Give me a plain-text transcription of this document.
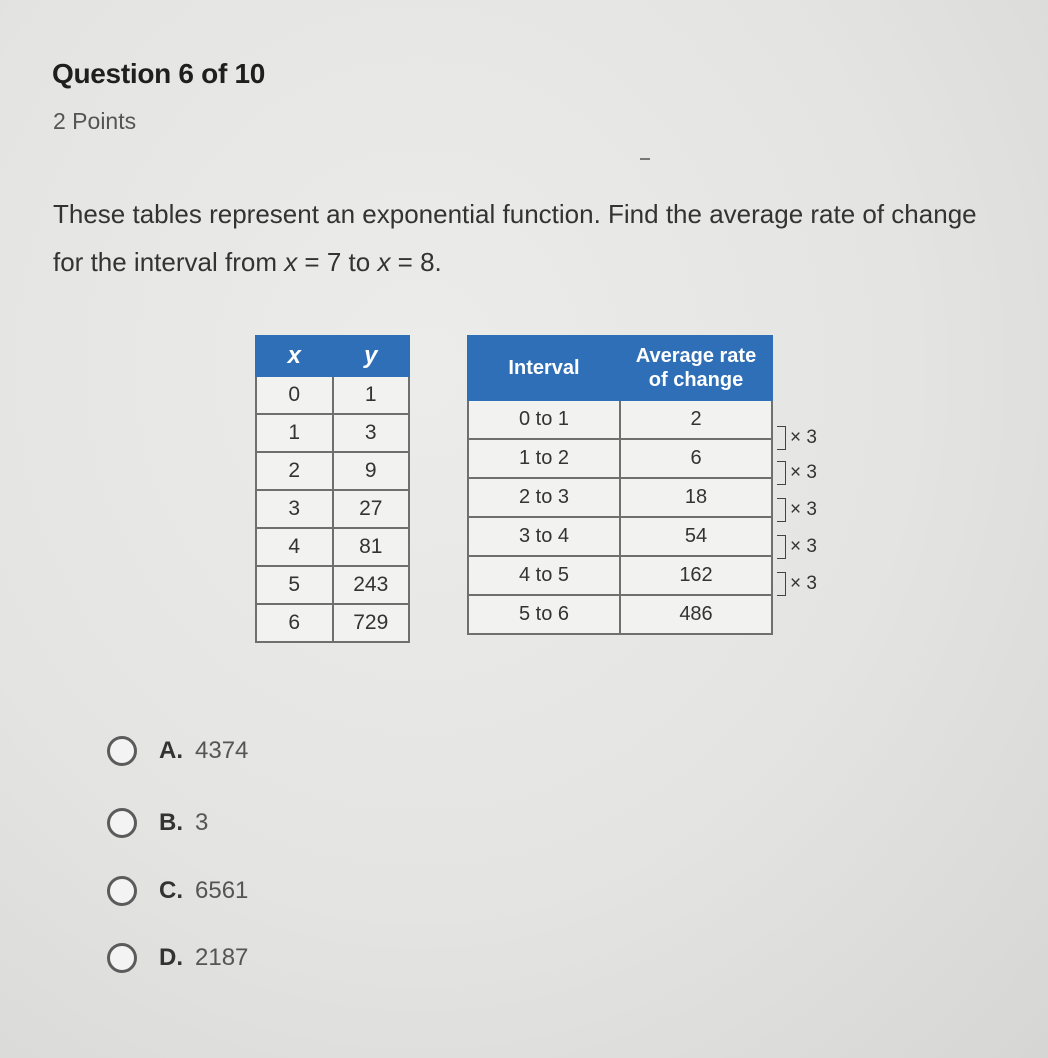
Question 6 of 10
2 Points
These tables represent an exponential function. Find the average rate of change for the interval from x = 7 to x = 8.
x	y
0	1
1	3
2	9
3	27
4	81
5	243
6	729
Interval	Average rate
of change
0 to 1	2
1 to 2	6
2 to 3	18
3 to 4	54
4 to 5	162
5 to 6	486
× 3
× 3
× 3
× 3
× 3
A. 4374
B. 3
C. 6561
D. 2187
